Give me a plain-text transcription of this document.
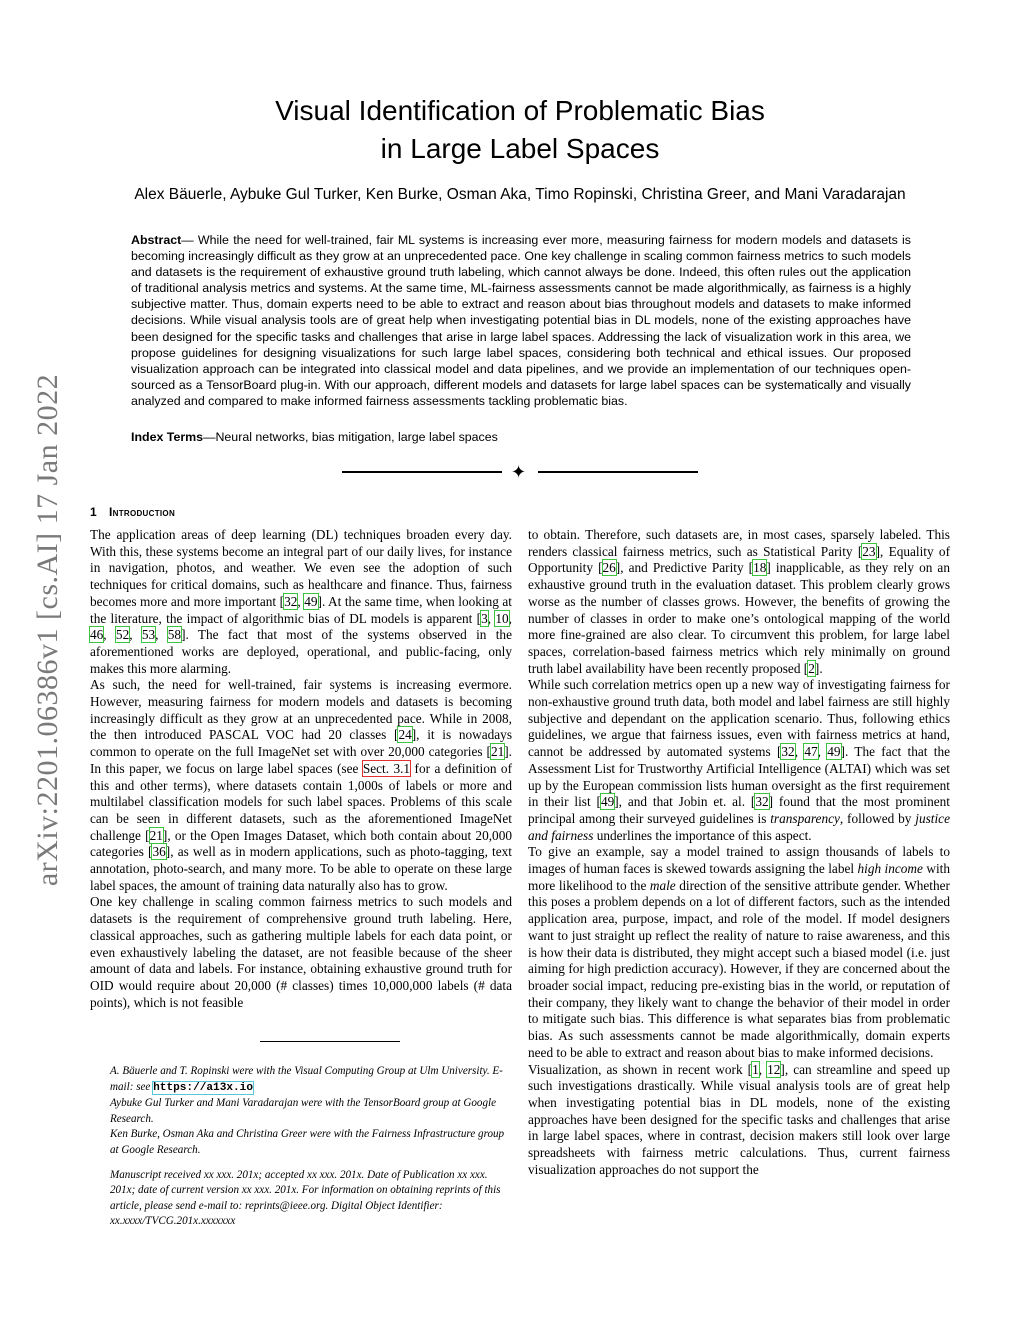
arXiv:2201.06386v1 [cs.AI] 17 Jan 2022
Visual Identification of Problematic Bias
in Large Label Spaces
Alex Bäuerle, Aybuke Gul Turker, Ken Burke, Osman Aka, Timo Ropinski, Christina Greer, and Mani Varadarajan
Abstract— While the need for well-trained, fair ML systems is increasing ever more, measuring fairness for modern models and datasets is becoming increasingly difficult as they grow at an unprecedented pace. One key challenge in scaling common fairness metrics to such models and datasets is the requirement of exhaustive ground truth labeling, which cannot always be done. Indeed, this often rules out the application of traditional analysis metrics and systems. At the same time, ML-fairness assessments cannot be made algorithmically, as fairness is a highly subjective matter. Thus, domain experts need to be able to extract and reason about bias throughout models and datasets to make informed decisions. While visual analysis tools are of great help when investigating potential bias in DL models, none of the existing approaches have been designed for the specific tasks and challenges that arise in large label spaces. Addressing the lack of visualization work in this area, we propose guidelines for designing visualizations for such large label spaces, considering both technical and ethical issues. Our proposed visualization approach can be integrated into classical model and data pipelines, and we provide an implementation of our techniques open-sourced as a TensorBoard plug-in. With our approach, different models and datasets for large label spaces can be systematically and visually analyzed and compared to make informed fairness assessments tackling problematic bias.
Index Terms—Neural networks, bias mitigation, large label spaces
✦
1 Introduction

The application areas of deep learning (DL) techniques broaden every day. With this, these systems become an integral part of our daily lives, for instance in navigation, photos, and weather. We even see the adoption of such techniques for critical domains, such as healthcare and finance. Thus, fairness becomes more and more important [32, 49]. At the same time, when looking at the literature, the impact of algorithmic bias of DL models is apparent [3, 10, 46, 52, 53, 58]. The fact that most of the systems observed in the aforementioned works are deployed, operational, and public-facing, only makes this more alarming.

As such, the need for well-trained, fair systems is increasing evermore. However, measuring fairness for modern models and datasets is becoming increasingly difficult as they grow at an unprecedented pace. While in 2008, the then introduced PASCAL VOC had 20 classes [24], it is nowadays common to operate on the full ImageNet set with over 20,000 categories [21]. In this paper, we focus on large label spaces (see Sect. 3.1 for a definition of this and other terms), where datasets contain 1,000s of labels or more and multilabel classification models for such label spaces. Problems of this scale can be seen in different datasets, such as the aforementioned ImageNet challenge [21], or the Open Images Dataset, which both contain about 20,000 categories [36], as well as in modern applications, such as photo-tagging, text annotation, photo-search, and many more. To be able to operate on these large label spaces, the amount of training data naturally also has to grow.

One key challenge in scaling common fairness metrics to such models and datasets is the requirement of comprehensive ground truth labeling. Here, classical approaches, such as gathering multiple labels for each data point, or even exhaustively labeling the dataset, are not feasible because of the sheer amount of data and labels. For instance, obtaining exhaustive ground truth for OID would require about 20,000 (# classes) times 10,000,000 labels (# data points), which is not feasible

to obtain. Therefore, such datasets are, in most cases, sparsely labeled. This renders classical fairness metrics, such as Statistical Parity [23], Equality of Opportunity [26], and Predictive Parity [18] inapplicable, as they rely on an exhaustive ground truth in the evaluation dataset. This problem clearly grows worse as the number of classes grows. However, the benefits of growing the number of classes in order to make one’s ontological mapping of the world more fine-grained are also clear. To circumvent this problem, for large label spaces, correlation-based fairness metrics which rely minimally on ground truth label availability have been recently proposed [2].

While such correlation metrics open up a new way of investigating fairness for non-exhaustive ground truth data, both model and label fairness are still highly subjective and dependant on the application scenario. Thus, following ethics guidelines, we argue that fairness issues, even with fairness metrics at hand, cannot be addressed by automated systems [32, 47, 49]. The fact that the Assessment List for Trustworthy Artificial Intelligence (ALTAI) which was set up by the European commission lists human oversight as the first requirement in their list [49], and that Jobin et. al. [32] found that the most prominent principal among their surveyed guidelines is transparency, followed by justice and fairness underlines the importance of this aspect.

To give an example, say a model trained to assign thousands of labels to images of human faces is skewed towards assigning the label high income with more likelihood to the male direction of the sensitive attribute gender. Whether this poses a problem depends on a lot of different factors, such as the intended application area, purpose, impact, and role of the model. If model designers want to just straight up reflect the reality of nature to raise awareness, and this is how their data is distributed, they might accept such a biased model (i.e. just aiming for high prediction accuracy). However, if they are concerned about the broader social impact, reducing pre-existing bias in the world, or reputation of their company, they likely want to change the behavior of their model in order to mitigate such bias. This difference is what separates bias from problematic bias. As such assessments cannot be made algorithmically, domain experts need to be able to extract and reason about bias to make informed decisions.

Visualization, as shown in recent work [1, 12], can streamline and speed up such investigations drastically. While visual analysis tools are of great help when investigating potential bias in DL models, none of the existing approaches have been designed for the specific tasks and challenges that arise in large label spaces, where in contrast, decision makers still look over large spreadsheets with fairness metric calculations. Thus, current fairness visualization approaches do not support the

A. Bäuerle and T. Ropinski were with the Visual Computing Group at Ulm University. E-mail: see https://a13x.io

Aybuke Gul Turker and Mani Varadarajan were with the TensorBoard group at Google Research.

Ken Burke, Osman Aka and Christina Greer were with the Fairness Infrastructure group at Google Research.

Manuscript received xx xxx. 201x; accepted xx xxx. 201x. Date of Publication xx xxx. 201x; date of current version xx xxx. 201x. For information on obtaining reprints of this article, please send e-mail to: reprints@ieee.org. Digital Object Identifier: xx.xxxx/TVCG.201x.xxxxxxx
